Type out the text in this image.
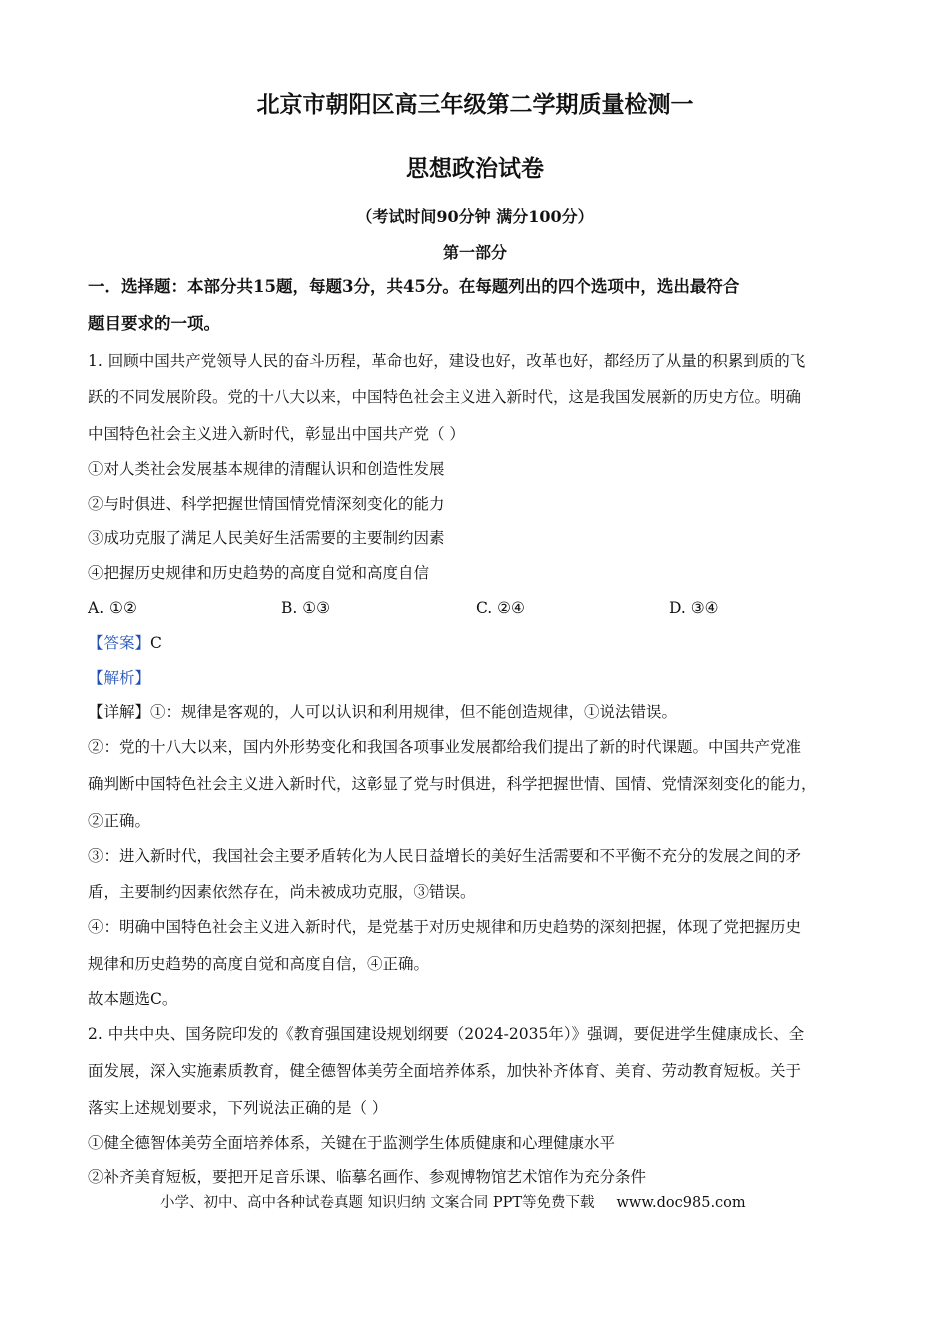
北京市朝阳区高三年级第二学期质量检测一
思想政治试卷
（考试时间90分钟 满分100分）
第一部分
一．选择题：本部分共15题，每题3分，共45分。在每题列出的四个选项中，选出最符合
题目要求的一项。
1. 回顾中国共产党领导人民的奋斗历程，革命也好，建设也好，改革也好，都经历了从量的积累到质的飞
跃的不同发展阶段。党的十八大以来，中国特色社会主义进入新时代，这是我国发展新的历史方位。明确
中国特色社会主义进入新时代，彰显出中国共产党（ ）
①对人类社会发展基本规律的清醒认识和创造性发展
②与时俱进、科学把握世情国情党情深刻变化的能力
③成功克服了满足人民美好生活需要的主要制约因素
④把握历史规律和历史趋势的高度自觉和高度自信
A. ①②	B. ①③	C. ②④	D. ③④
【答案】C
【解析】
【详解】①：规律是客观的，人可以认识和利用规律，但不能创造规律，①说法错误。
②：党的十八大以来，国内外形势变化和我国各项事业发展都给我们提出了新的时代课题。中国共产党准
确判断中国特色社会主义进入新时代，这彰显了党与时俱进，科学把握世情、国情、党情深刻变化的能力，
②正确。
③：进入新时代，我国社会主要矛盾转化为人民日益增长的美好生活需要和不平衡不充分的发展之间的矛
盾，主要制约因素依然存在，尚未被成功克服，③错误。
④：明确中国特色社会主义进入新时代，是党基于对历史规律和历史趋势的深刻把握，体现了党把握历史
规律和历史趋势的高度自觉和高度自信，④正确。
故本题选C。
2. 中共中央、国务院印发的《教育强国建设规划纲要（2024-2035年）》强调，要促进学生健康成长、全
面发展，深入实施素质教育，健全德智体美劳全面培养体系，加快补齐体育、美育、劳动教育短板。关于
落实上述规划要求，下列说法正确的是（ ）
①健全德智体美劳全面培养体系，关键在于监测学生体质健康和心理健康水平
②补齐美育短板，要把开足音乐课、临摹名画作、参观博物馆艺术馆作为充分条件
小学、初中、高中各种试卷真题 知识归纳 文案合同 PPT等免费下载 www.doc985.com
